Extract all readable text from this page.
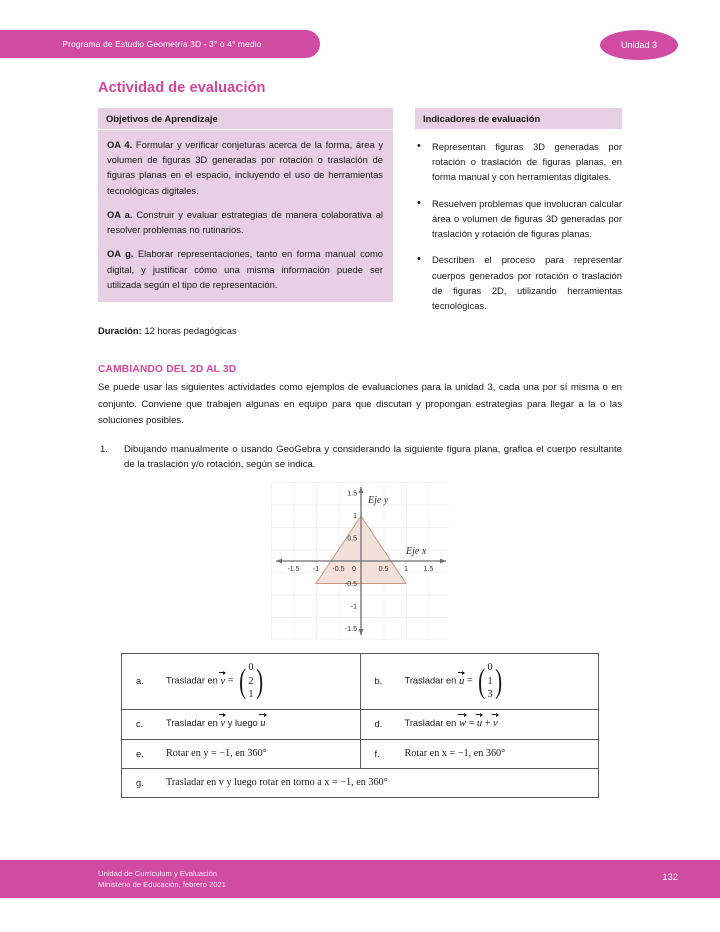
Programa de Estudio Geometría 3D - 3° o 4° medio	Unidad 3
Actividad de evaluación
Objetivos de Aprendizaje

OA 4. Formular y verificar conjeturas acerca de la forma, área y volumen de figuras 3D generadas por rotación o traslación de figuras planas en el espacio, incluyendo el uso de herramientas tecnológicas digitales.

OA a. Construir y evaluar estrategias de manera colaborativa al resolver problemas no rutinarios.

OA g. Elaborar representaciones, tanto en forma manual como digital, y justificar cómo una misma información puede ser utilizada según el tipo de representación.

Indicadores de evaluación
• Representan figuras 3D generadas por rotación o traslación de figuras planas, en forma manual y con herramientas digitales.
• Resuelven problemas que involucran calcular área o volumen de figuras 3D generadas por traslación y rotación de figuras planas.
• Describen el proceso para representar cuerpos generados por rotación o traslación de figuras 2D, utilizando herramientas tecnológicas.
Duración: 12 horas pedagógicas
CAMBIANDO DEL 2D AL 3D

Se puede usar las siguientes actividades como ejemplos de evaluaciones para la unidad 3, cada una por sí misma o en conjunto. Conviene que trabajen algunas en equipo para que discutan y propongan estrategias para llegar a la o las soluciones posibles.

1.	Dibujando manualmente o usando GeoGebra y considerando la siguiente figura plana, grafica el cuerpo resultante de la traslación y/o rotación, según se indica.
-1.5 -1 -0.5 0	0.5 1 1.5
1.5
1
0.5
-0.5
-1
-1.5
Eje y
Eje x
a.	Trasladar en v = ( 0
2
1 )	b.	Trasladar en u = ( 0
1
3 )

c. Trasladar en v y luego u	d. Trasladar en w = u + v

e. Rotar en y = −1, en 360°	f. Rotar en x = −1, en 360°

g. Trasladar en v y luego rotar en torno a x = −1, en 360°	
Unidad de Currículum y Evaluación
Ministerio de Educación, febrero 2021
132
